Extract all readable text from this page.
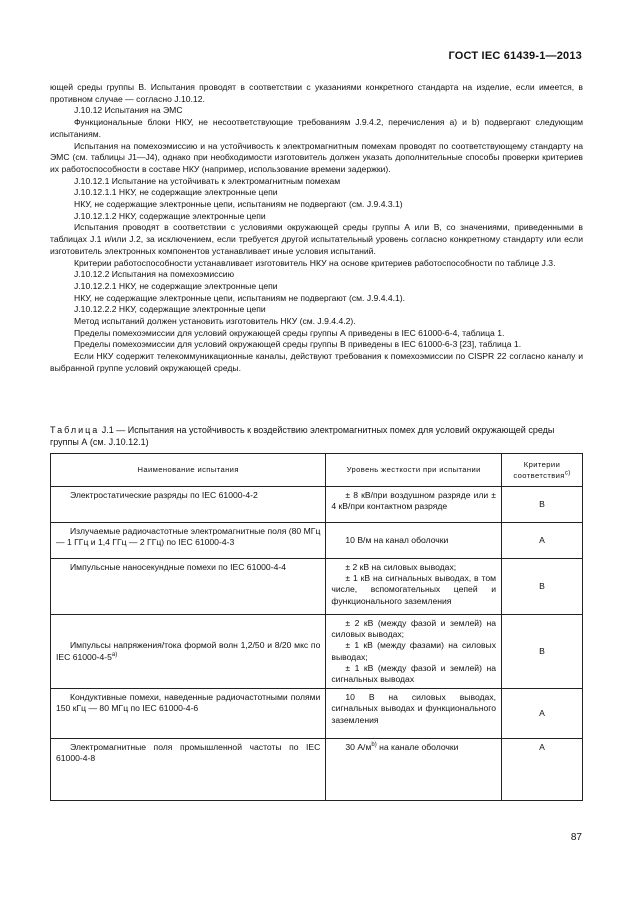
ГОСТ IEC 61439-1—2013

ющей среды группы В. Испытания проводят в соответствии с указаниями конкретного стандарта на изделие, если имеется, в противном случае — согласно J.10.12.

J.10.12 Испытания на ЭМС

Функциональные блоки НКУ, не несоответствующие требованиям J.9.4.2, перечисления а) и b) подвергают следующим испытаниям.

Испытания на помехоэмиссию и на устойчивость к электромагнитным помехам проводят по соответствующему стандарту на ЭМС (см. таблицы J1—J4), однако при необходимости изготовитель должен указать дополнительные способы проверки критериев их работоспособности в составе НКУ (например, использование времени задержки).

J.10.12.1 Испытание на устойчивать к электромагнитным помехам

J.10.12.1.1 НКУ, не содержащие электронные цепи

НКУ, не содержащие электронные цепи, испытаниям не подвергают (см. J.9.4.3.1)

J.10.12.1.2 НКУ, содержащие электронные цепи

Испытания проводят в соответствии с условиями окружающей среды группы А или В, со значениями, приведенными в таблицах J.1 и/или J.2, за исключением, если требуется другой испытательный уровень согласно конкретному стандарту или если изготовитель электронных компонентов устанавливает иные условия испытаний.

Критерии работоспособности устанавливает изготовитель НКУ на основе критериев работоспособности по таблице J.3.

J.10.12.2 Испытания на помехоэмиссию

J.10.12.2.1 НКУ, не содержащие электронные цепи

НКУ, не содержащие электронные цепи, испытаниям не подвергают (см. J.9.4.4.1).

J.10.12.2.2 НКУ, содержащие электронные цепи

Метод испытаний должен установить изготовитель НКУ (см. J.9.4.4.2).

Пределы помехоэмиссии для условий окружающей среды группы А приведены в IEC 61000-6-4, таблица 1.

Пределы помехоэмиссии для условий окружающей среды группы В приведены в IEC 61000-6-3 [23], таблица 1.

Если НКУ содержит телекоммуникационные каналы, действуют требования к помехоэмиссии по CISPR 22 согласно каналу и выбранной группе условий окружающей среды.

Таблица J.1 — Испытания на устойчивость к воздействию электромагнитных помех для условий окружающей среды группы А (см. J.10.12.1)
Наименование испытания	Уровень жесткости при испытании	Критерии соответствия$^{c)}$

Электростатические разряды по IEC 61000-4-2	± 8 кВ/при воздушном разряде или ± 4 кВ/при контактном разряде	В

Излучаемые радиочастотные электромагнитные поля (80 МГц — 1 ГГц и 1,4 ГГц — 2 ГГц) по IEC 61000-4-3	10 В/м на канал оболочки	А

Импульсные наносекундные помехи по IEC 61000-4-4	± 2 кВ на силовых выводах;
± 1 кВ на сигнальных выводах, в том числе, вспомогательных цепей и функционального заземления	В

Импульсы напряжения/тока формой волн 1,2/50 и 8/20 мкс по IEC $61000-4-5^{a)}$	± 2 кВ (между фазой и землей) на силовых выводах;
± 1 кВ (между фазами) на силовых выводах;
± 1 кВ (между фазой и землей) на сигнальных выводах	В

Кондуктивные помехи, наведенные радиочастотными полями 150 кГц — 80 МГц по IEC 61000-4-6	10 В на силовых выводах, сигнальных выводах и функционального заземления	А

Электромагнитные поля промышленной частоты по IEC 61000-4-8	30 $А/м^{b)}$ на канале оболочки	А
87
